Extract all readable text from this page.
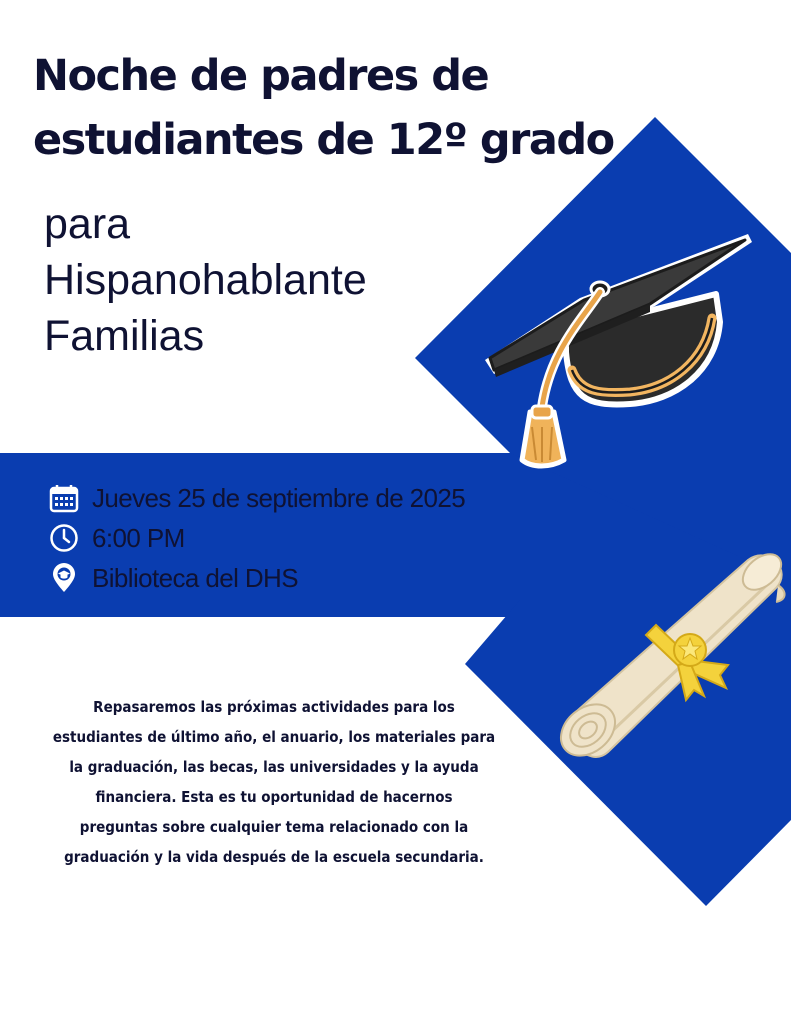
Noche de padres de
estudiantes de 12º grado
para
Hispanohablante
Familias
Jueves 25 de septiembre de 2025
6:00 PM
Biblioteca del DHS
Repasaremos las próximas actividades para los
estudiantes de último año, el anuario, los materiales para
la graduación, las becas, las universidades y la ayuda
financiera. Esta es tu oportunidad de hacernos
preguntas sobre cualquier tema relacionado con la
graduación y la vida después de la escuela secundaria.
